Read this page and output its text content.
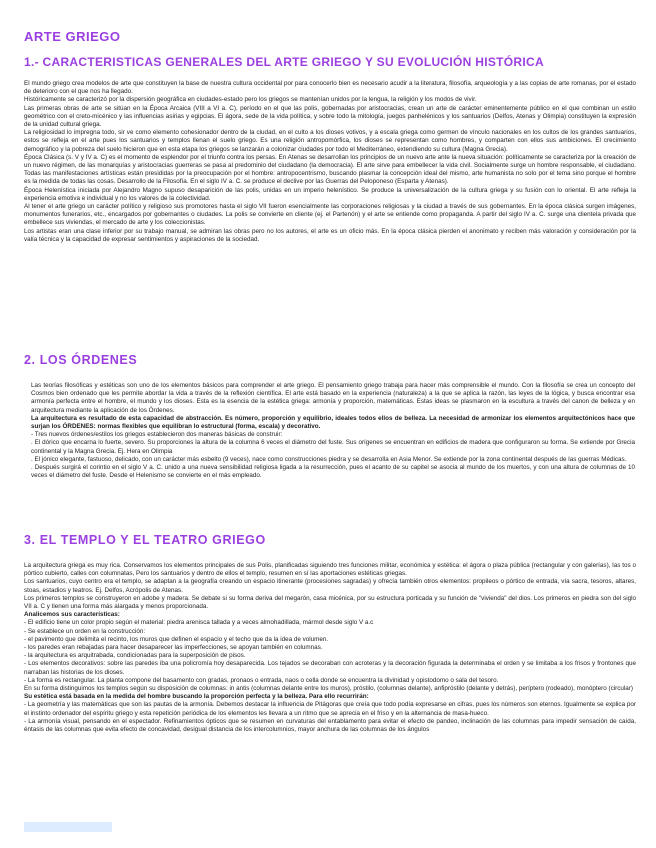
ARTE GRIEGO
1.- CARACTERISTICAS GENERALES DEL ARTE GRIEGO Y SU EVOLUCIÓN HISTÓRICA
El mundo griego crea modelos de arte que constituyen la base de nuestra cultura occidental por para conocerlo bien es necesario acudir a la literatura, filosofía, arqueología y a las copias de arte romanas, por el estado de deterioro con el que nos ha llegado.
Históricamente se caracterizó por la dispersión geográfica en ciudades-estado pero los griegos se mantenían unidos por la lengua, la religión y los modos de vivir.
Las primeras obras de arte se sitúan en la Época Arcaica (VIII a VI a. C), período en el que las polis, gobernadas por aristocracias, crean un arte de carácter eminentemente público en el que combinan un estilo geométrico con el creto-micénico y las influencias asirias y egipcias. El ágora, sede de la vida política, y sobre todo la mitología, juegos panhelénicos y los santuarios (Delfos, Atenas y Olimpia) constituyen la expresión de la unidad cultural griega.
La religiosidad lo impregna todo, sir ve como elemento cohesionador dentro de la ciudad, en el culto a los dioses votivos, y a escala griega como germen de vínculo nacionales en los cultos de los grandes santuarios, estos se refleja en el arte pues los santuarios y templos llenan el suelo griego. Es una religión antropomórfica, los dioses se representan como hombres, y comparten con ellos sus ambiciones. El crecimiento demográfico y la pobreza del suelo hicieron que en esta etapa los griegos se lanzarán a colonizar ciudades por todo el Mediterráneo, extendiendo su cultura (Magna Grecia).
Época Clásica (s. V y IV a. C) es el momento de esplendor por el triunfo contra los persas. En Atenas se desarrollan los principios de un nuevo arte ante la nueva situación: políticamente se caracteriza por la creación de un nuevo régimen, de las monarquías y aristocracias guerreras se pasa al predominio del ciudadano (la democracia). El arte sirve para embellecer la vida civil. Socialmente surge un hombre responsable, el ciudadano. Todas las manifestaciones artísticas están presididas por la preocupación por el hombre: antropocentrismo, buscando plasmar la concepción ideal del mismo, arte humanista no solo por el tema sino porque el hombre es la medida de todas las cosas. Desarrollo de la Filosofía. En el siglo IV a. C. se produce el declive por las Guerras del Peloponeso (Esparta y Atenas).
Época Helenística iniciada por Alejandro Magno supuso desaparición de las polis, unidas en un imperio helenístico. Se produce la universalización de la cultura griega y su fusión con lo oriental. El arte refleja la experiencia emotiva e individual y no los valores de la colectividad.
Al tener el arte griego un carácter político y religioso sus promotores hasta el siglo VII fueron esencialmente las corporaciones religiosas y la ciudad a través de sus gobernantes. En la época clásica surgen imágenes, monumentos funerarios, etc., encargados por gobernantes o ciudades. La polis se convierte en cliente (ej. el Partenón) y el arte se entiende como propaganda. A partir del siglo IV a. C. surge una clientela privada que embellece sus viviendas, el mercado de arte y los coleccionistas.
Los artistas eran una clase inferior por su trabajo manual, se admiran las obras pero no los autores, el arte es un oficio más. En la época clásica pierden el anonimato y reciben más valoración y consideración por la valía técnica y la capacidad de expresar sentimientos y aspiraciones de la sociedad.
2. LOS ÓRDENES
Las teorías filosóficas y estéticas son uno de los elementos básicos para comprender el arte griego. El pensamiento griego trabaja para hacer más comprensible el mundo. Con la filosofía se crea un concepto del Cosmos bien ordenado que les permite abordar la vida a través de la reflexión científica. El arte está basado en la experiencia (naturaleza) a la que se aplica la razón, las leyes de la lógica, y busca encontrar esa armonía perfecta entre el hombre, el mundo y los dioses. Esta es la esencia de la estética griega: armonía y proporción, matemáticas. Estas ideas se plasmaron en la escultura a través del canon de belleza y en arquitectura mediante la aplicación de los Órdenes.
La arquitectura es resultado de esta capacidad de abstracción. Es número, proporción y equilibrio, ideales todos ellos de belleza. La necesidad de armonizar los elementos arquitectónicos hace que surjan los ÓRDENES: normas flexibles que equilibran lo estructural (forma, escala) y decorativo.
- Tres nuevos órdenes/estilos los griegos establecieron dos maneras básicas de construir:
. El dórico que encarna lo fuerte, severo. Su proporciones la altura de la columna 6 veces el diámetro del fuste. Sus orígenes se encuentran en edificios de madera que configuraron su forma. Se extiende por Grecia continental y la Magna Grecia. Ej. Hera en Olimpia
. El jónico elegante, fastuoso, delicado, con un carácter más esbelto (9 veces), nace como construcciones piedra y se desarrolla en Asia Menor. Se extiende por la zona continental después de las guerras Médicas.
. Después surgirá el corintio en el siglo V a. C. unido a una nueva sensibilidad religiosa ligada a la resurrección, pues el acanto de su capitel se asocia al mundo de los muertos, y con una altura de columnas de 10 veces el diámetro del fuste. Desde el Helenismo se convierte en el más empleado.
3. EL TEMPLO Y EL TEATRO GRIEGO
La arquitectura griega es muy rica. Conservamos los elementos principales de sus Polis, planificadas siguiendo tres funciones militar, económica y estética: el ágora o plaza pública (rectangular y con galerías), las tos o pórtico cubierto, calles con columnatas, Pero los santuarios y dentro de ellos el templo, resumen en sí las aportaciones estéticas griegas.
Los santuarios, cuyo centro era el templo, se adaptan a la geografía creando un espacio itinerante (procesiones sagradas) y ofrecía también otros elementos: propileos o pórtico de entrada, vía sacra, tesoros, altares, stoas, estadios y teatros. Ej. Delfos, Acrópolis de Atenas.
Los primeros templos se construyeron en adobe y madera. Se debate si su forma deriva del megarón, casa micénica, por su estructura porticada y su función de "vivienda" del dios. Los primeros en piedra son del siglo VII a. C y tienen una forma más alargada y menos proporcionada.
Analicemos sus características:
- El edificio tiene un color propio según el material: piedra arenisca tallada y a veces almohadillada, mármol desde siglo V a.c
- Se establece un orden en la construcción:
- el pavimento que delimita el recinto, los muros que definen el espacio y el techo que da la idea de volumen.
- los paredes eran rebajadas para hacer desaparecer las imperfecciones, se apoyan también en columnas.
- la arquitectura es arquitrabada, condicionadas para la superposición de pisos.
- Los elementos decorativos: sobre las paredes iba una policromía hoy desaparecida. Los tejados se decoraban con acroteras y la decoración figurada la determinaba el orden y se limitaba a los frisos y frontones que narraban las historias de los dioses.
- La forma es rectangular. La planta compone del basamento con gradas, pronaos o entrada, naos o cella donde se encuentra la divinidad y opistodomo o sala del tesoro.
En su forma distinguimos los templos según su disposición de columnas: in antis (columnas delante entre los muros), próstilo, (columnas delante), anfipróstilo (delante y detrás), períptero (rodeado), monóptero (circular)
Su estética está basada en la medida del hombre buscando la proporción perfecta y la belleza. Para ello recurrirán:
- La geometría y las matemáticas que son las pautas de la armonía. Debemos destacar la influencia de Pitágoras que creía que todo podía expresarse en cifras, pues los números son eternos. Igualmente se explica por el instinto ordenador del espíritu griego y esta repetición periódica de los elementos les llevara a un ritmo que se aprecia en el friso y en la alternancia de masa-hueco.
- La armonía visual, pensando en el espectador. Refinamientos ópticos que se resumen en curvaturas del entablamento para evitar el efecto de pandeo, inclinación de las columnas para impedir sensación de caída, éntasis de las columnas que evita efecto de concavidad, desigual distancia de los intercolumnios, mayor anchura de las columnas de los ángulos
